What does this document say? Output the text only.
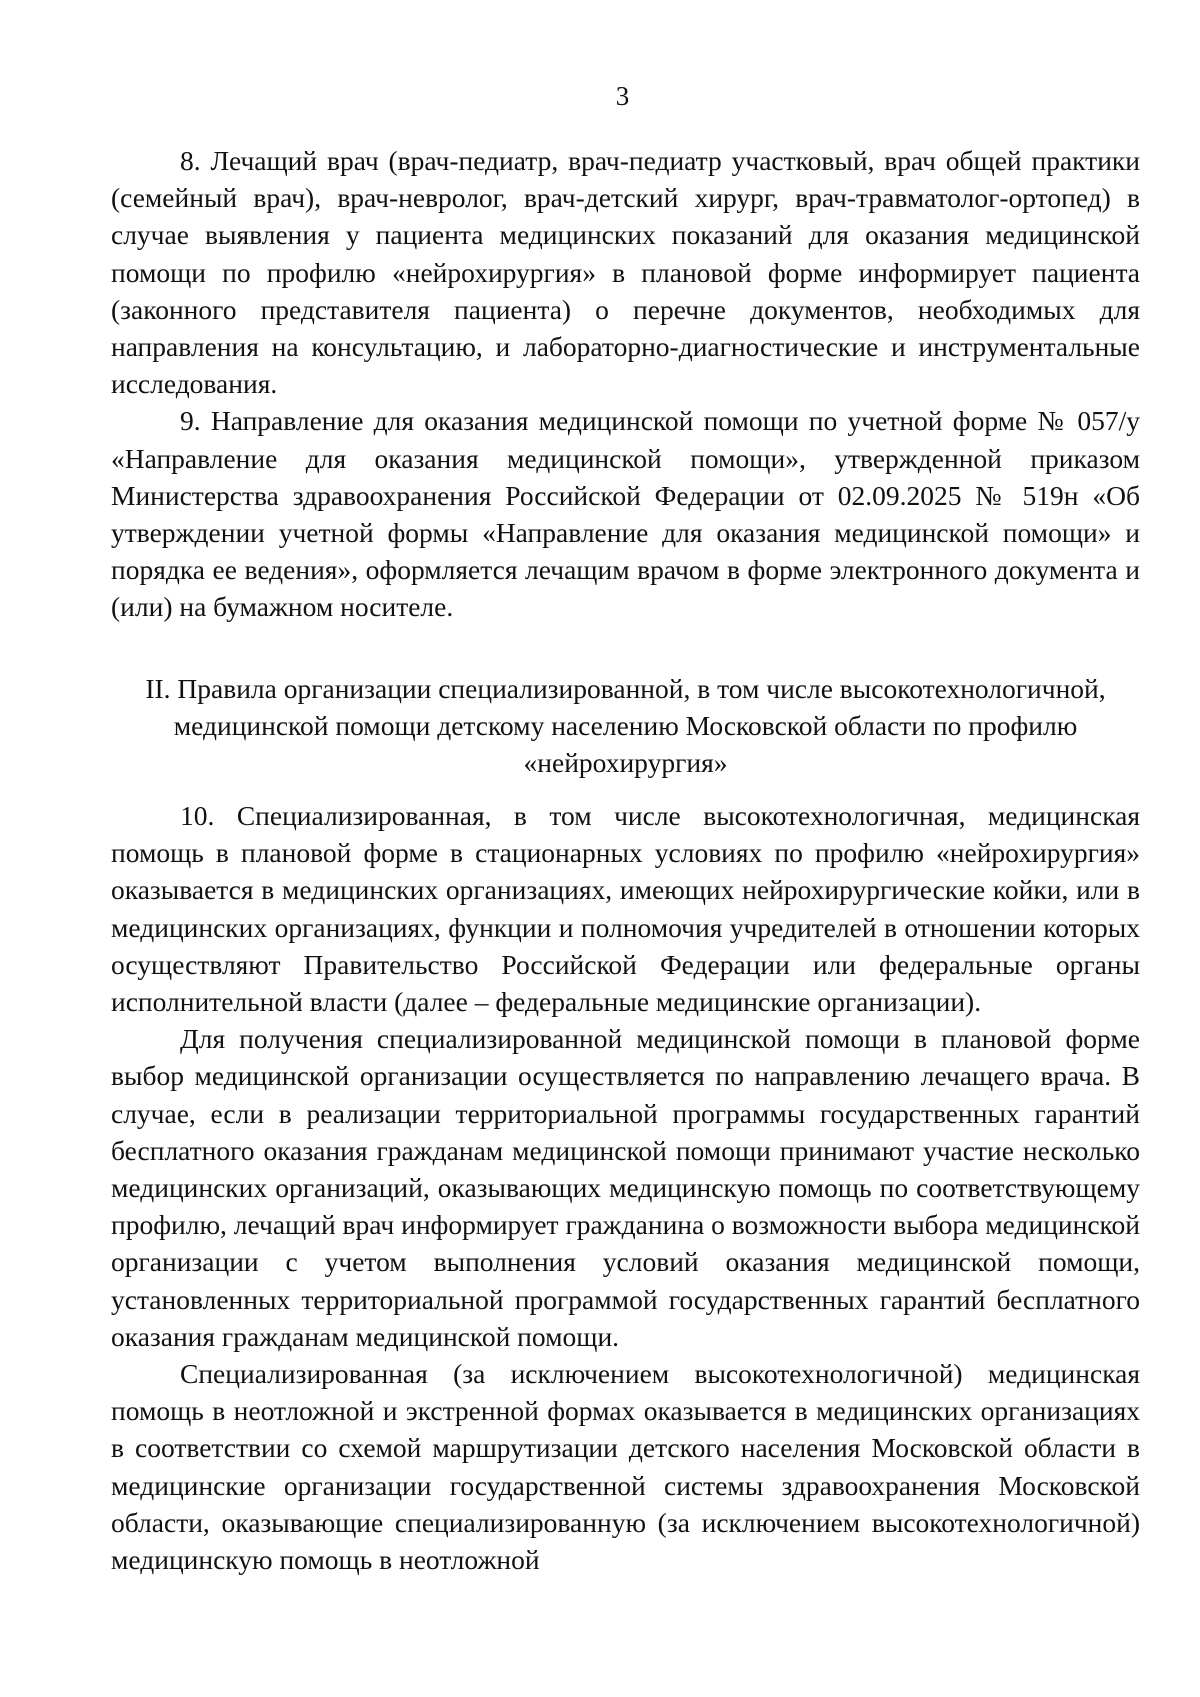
3

8. Лечащий врач (врач-педиатр, врач-педиатр участковый, врач общей практики (семейный врач), врач-невролог, врач-детский хирург, врач-травматолог-ортопед) в случае выявления у пациента медицинских показаний для оказания медицинской помощи по профилю «нейрохирургия» в плановой форме информирует пациента (законного представителя пациента) о перечне документов, необходимых для направления на консультацию, и лабораторно-диагностические и инструментальные исследования.

9. Направление для оказания медицинской помощи по учетной форме № 057/у «Направление для оказания медицинской помощи», утвержденной приказом Министерства здравоохранения Российской Федерации от 02.09.2025 № 519н «Об утверждении учетной формы «Направление для оказания медицинской помощи» и порядка ее ведения», оформляется лечащим врачом в форме электронного документа и (или) на бумажном носителе.

II. Правила организации специализированной, в том числе высокотехнологичной,
медицинской помощи детскому населению Московской области по профилю
«нейрохирургия»

10. Специализированная, в том числе высокотехнологичная, медицинская помощь в плановой форме в стационарных условиях по профилю «нейрохирургия» оказывается в медицинских организациях, имеющих нейрохирургические койки, или в медицинских организациях, функции и полномочия учредителей в отношении которых осуществляют Правительство Российской Федерации или федеральные органы исполнительной власти (далее – федеральные медицинские организации).

Для получения специализированной медицинской помощи в плановой форме выбор медицинской организации осуществляется по направлению лечащего врача. В случае, если в реализации территориальной программы государственных гарантий бесплатного оказания гражданам медицинской помощи принимают участие несколько медицинских организаций, оказывающих медицинскую помощь по соответствующему профилю, лечащий врач информирует гражданина о возможности выбора медицинской организации с учетом выполнения условий оказания медицинской помощи, установленных территориальной программой государственных гарантий бесплатного оказания гражданам медицинской помощи.

Специализированная (за исключением высокотехнологичной) медицинская помощь в неотложной и экстренной формах оказывается в медицинских организациях в соответствии со схемой маршрутизации детского населения Московской области в медицинские организации государственной системы здравоохранения Московской области, оказывающие специализированную (за исключением высокотехнологичной) медицинскую помощь в неотложной
